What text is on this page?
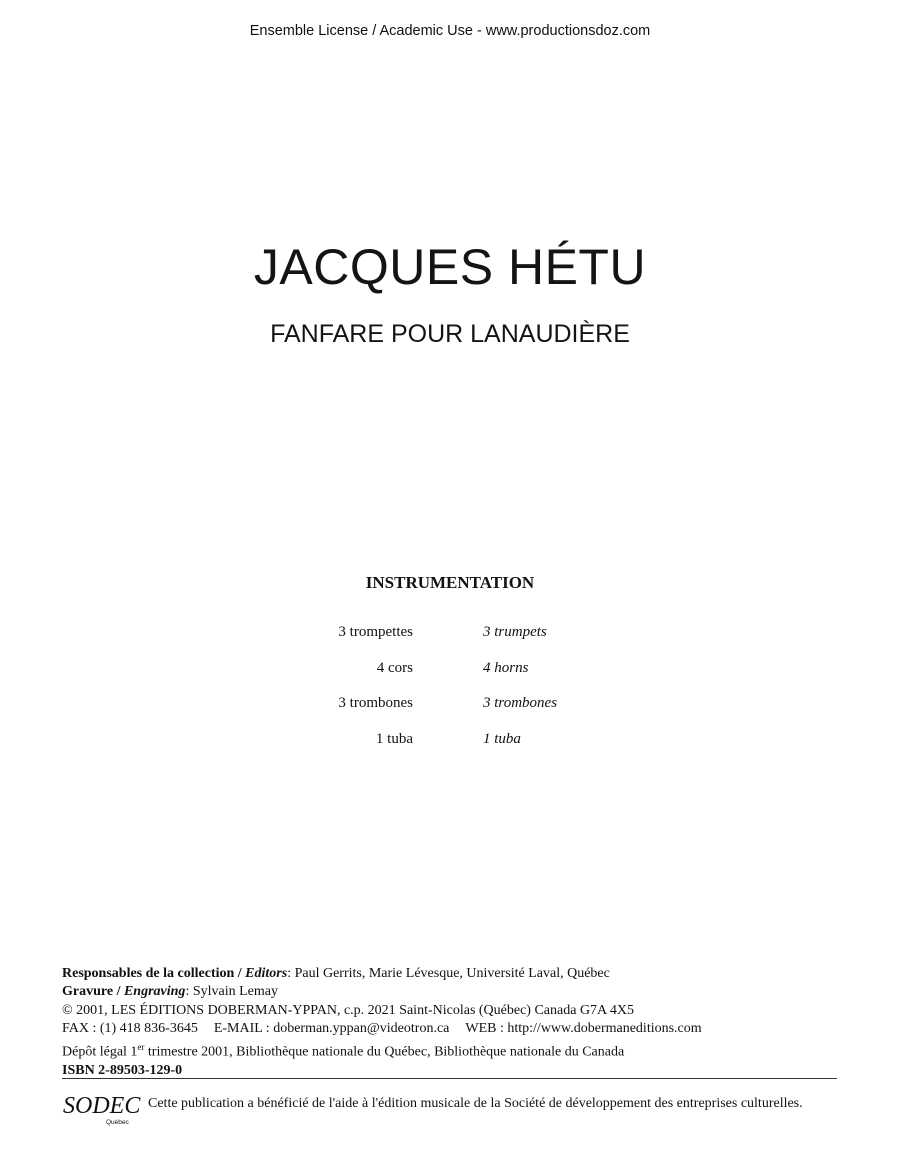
Ensemble License / Academic Use - www.productionsdoz.com
JACQUES HÉTU
FANFARE POUR LANAUDIÈRE
INSTRUMENTATION
3 trompettes	3 trumpets
4 cors	4 horns
3 trombones	3 trombones
1 tuba	1 tuba
Responsables de la collection / Editors: Paul Gerrits, Marie Lévesque, Université Laval, Québec
Gravure / Engraving: Sylvain Lemay
© 2001, LES ÉDITIONS DOBERMAN-YPPAN, c.p. 2021 Saint-Nicolas (Québec) Canada G7A 4X5
FAX : (1) 418 836-3645 E-MAIL : doberman.yppan@videotron.ca WEB : http://www.dobermaneditions.com
Dépôt légal 1er trimestre 2001, Bibliothèque nationale du Québec, Bibliothèque nationale du Canada
ISBN 2-89503-129-0
SODEC
Québec
Cette publication a bénéficié de l'aide à l'édition musicale de la Société de développement des entreprises culturelles.
